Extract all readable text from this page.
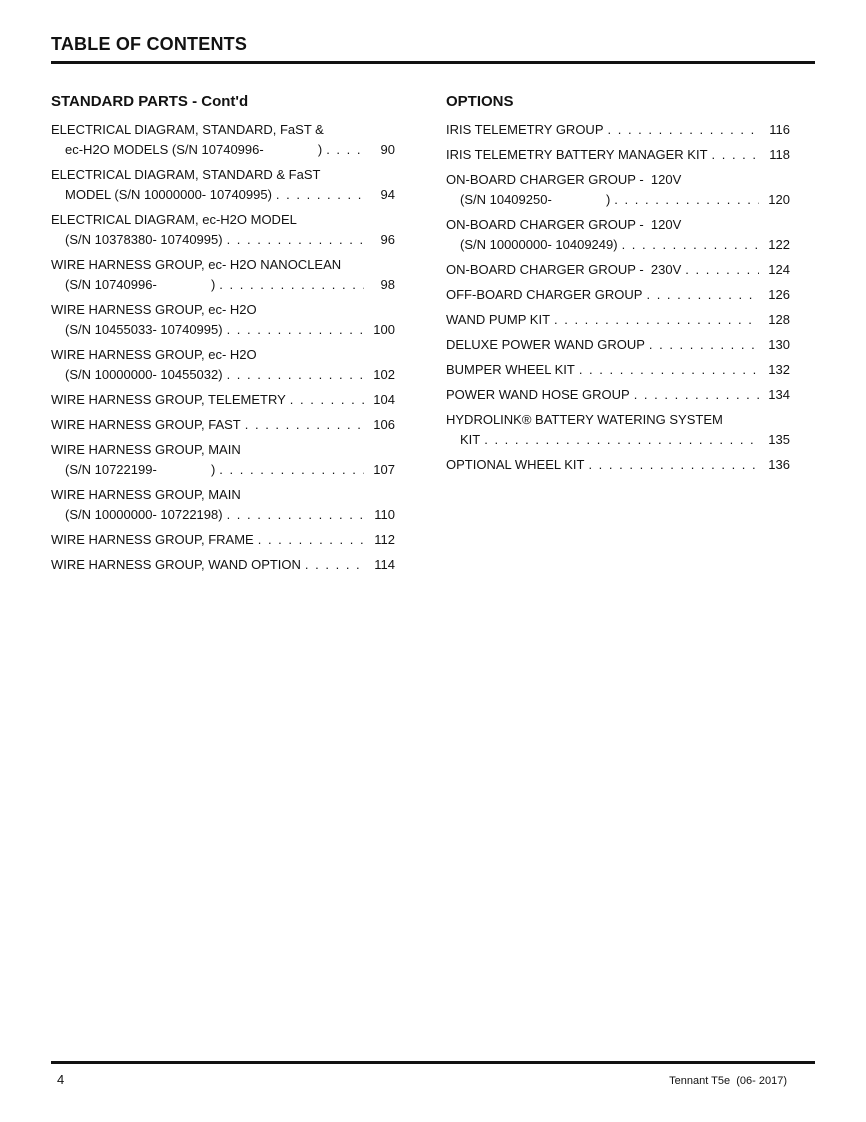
TABLE OF CONTENTS
STANDARD PARTS - Cont'd
ELECTRICAL DIAGRAM, STANDARD, FaST &
ec-H2O MODELS (S/N 10740996-               ) . . .	90
ELECTRICAL DIAGRAM, STANDARD & FaST
MODEL (S/N 10000000- 10740995) . . .	94
ELECTRICAL DIAGRAM, ec-H2O MODEL
(S/N 10378380- 10740995) . . .	96
WIRE HARNESS GROUP, ec- H2O NANOCLEAN
(S/N 10740996-               ) . . .	98
WIRE HARNESS GROUP, ec- H2O
(S/N 10455033- 10740995) . . .	100
WIRE HARNESS GROUP, ec- H2O
(S/N 10000000- 10455032) . . .	102
WIRE HARNESS GROUP, TELEMETRY . . .	104
WIRE HARNESS GROUP, FAST . . .	106
WIRE HARNESS GROUP, MAIN
(S/N 10722199-               ) . . .	107
WIRE HARNESS GROUP, MAIN
(S/N 10000000- 10722198) . . .	110
WIRE HARNESS GROUP, FRAME . . .	112
WIRE HARNESS GROUP, WAND OPTION . . .	114
OPTIONS
IRIS TELEMETRY GROUP . . .	116
IRIS TELEMETRY BATTERY MANAGER KIT . . .	118
ON-BOARD CHARGER GROUP -  120V
(S/N 10409250-               ) . . .	120
ON-BOARD CHARGER GROUP -  120V
(S/N 10000000- 10409249) . . .	122
ON-BOARD CHARGER GROUP -  230V . . .	124
OFF-BOARD CHARGER GROUP . . .	126
WAND PUMP KIT . . .	128
DELUXE POWER WAND GROUP . . .	130
BUMPER WHEEL KIT . . .	132
POWER WAND HOSE GROUP . . .	134
HYDROLINK® BATTERY WATERING SYSTEM
KIT . . .	135
OPTIONAL WHEEL KIT . . .	136
4	Tennant T5e  (06- 2017)
